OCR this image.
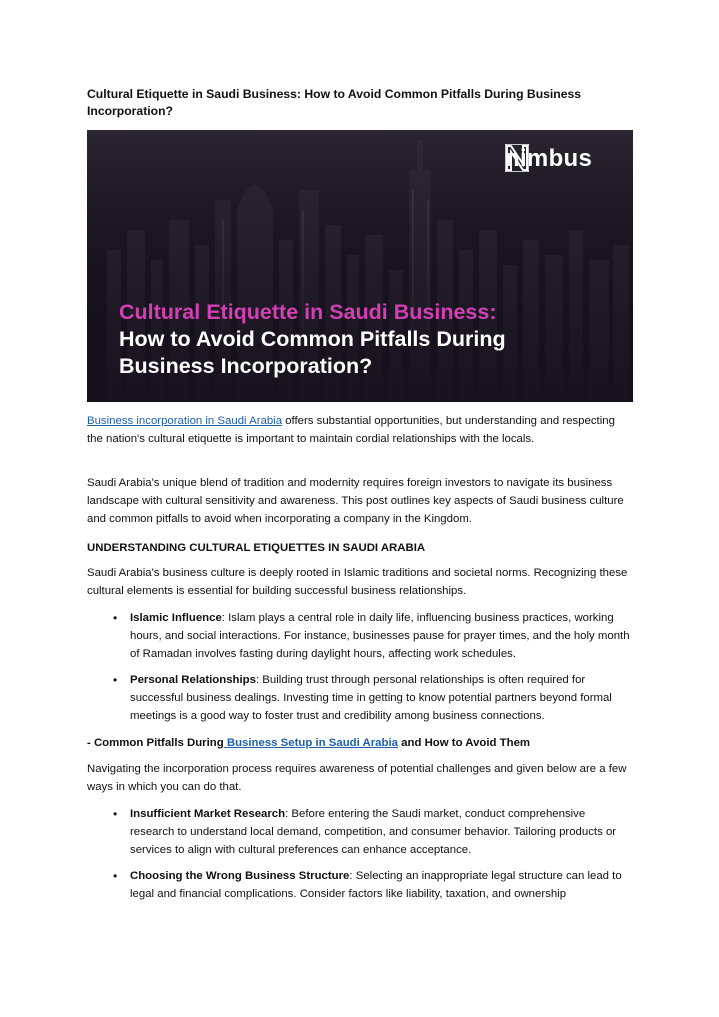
Cultural Etiquette in Saudi Business: How to Avoid Common Pitfalls During Business Incorporation?
nimbus
Cultural Etiquette in Saudi Business:
How to Avoid Common Pitfalls During
Business Incorporation?
Business incorporation in Saudi Arabia offers substantial opportunities, but understanding and respecting the nation's cultural etiquette is important to maintain cordial relationships with the locals.
Saudi Arabia's unique blend of tradition and modernity requires foreign investors to navigate its business landscape with cultural sensitivity and awareness. This post outlines key aspects of Saudi business culture and common pitfalls to avoid when incorporating a company in the Kingdom.
UNDERSTANDING CULTURAL ETIQUETTES IN SAUDI ARABIA
Saudi Arabia's business culture is deeply rooted in Islamic traditions and societal norms. Recognizing these cultural elements is essential for building successful business relationships.
• Islamic Influence: Islam plays a central role in daily life, influencing business practices, working hours, and social interactions. For instance, businesses pause for prayer times, and the holy month of Ramadan involves fasting during daylight hours, affecting work schedules.
• Personal Relationships: Building trust through personal relationships is often required for successful business dealings. Investing time in getting to know potential partners beyond formal meetings is a good way to foster trust and credibility among business connections.
- Common Pitfalls During Business Setup in Saudi Arabia and How to Avoid Them
Navigating the incorporation process requires awareness of potential challenges and given below are a few ways in which you can do that.
• Insufficient Market Research: Before entering the Saudi market, conduct comprehensive research to understand local demand, competition, and consumer behavior. Tailoring products or services to align with cultural preferences can enhance acceptance.
• Choosing the Wrong Business Structure: Selecting an inappropriate legal structure can lead to legal and financial complications. Consider factors like liability, taxation, and ownership
